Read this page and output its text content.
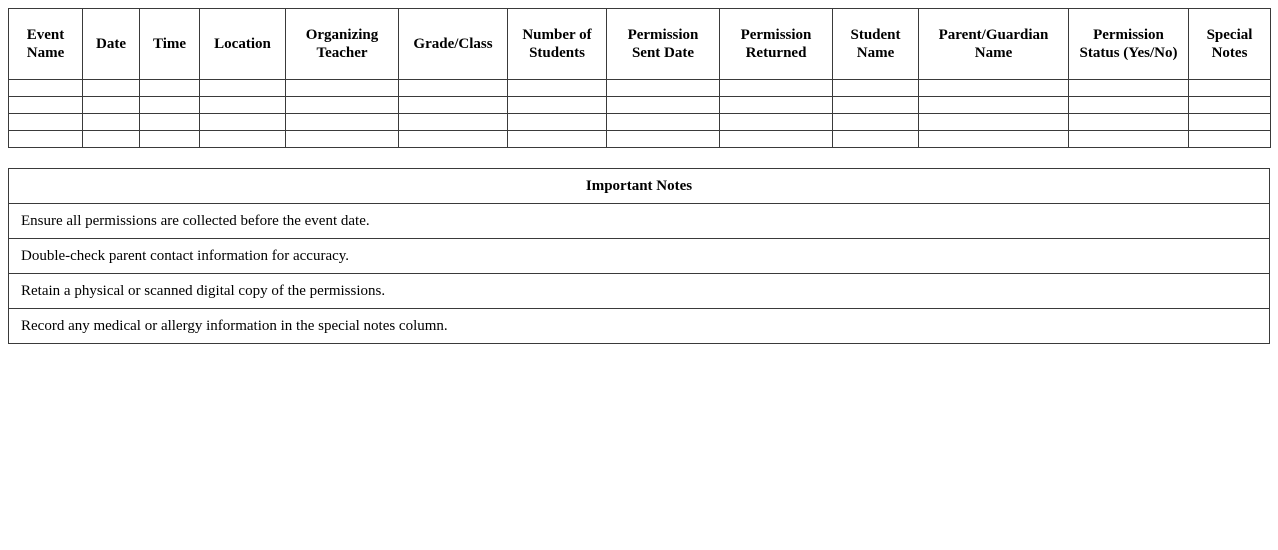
Event Name	Date	Time	Location	Organizing Teacher	Grade/Class	Number of Students	Permission Sent Date	Permission Returned	Student Name	Parent/Guardian Name	Permission Status (Yes/No)	Special Notes

Important Notes
Ensure all permissions are collected before the event date.
Double-check parent contact information for accuracy.
Retain a physical or scanned digital copy of the permissions.
Record any medical or allergy information in the special notes column.
